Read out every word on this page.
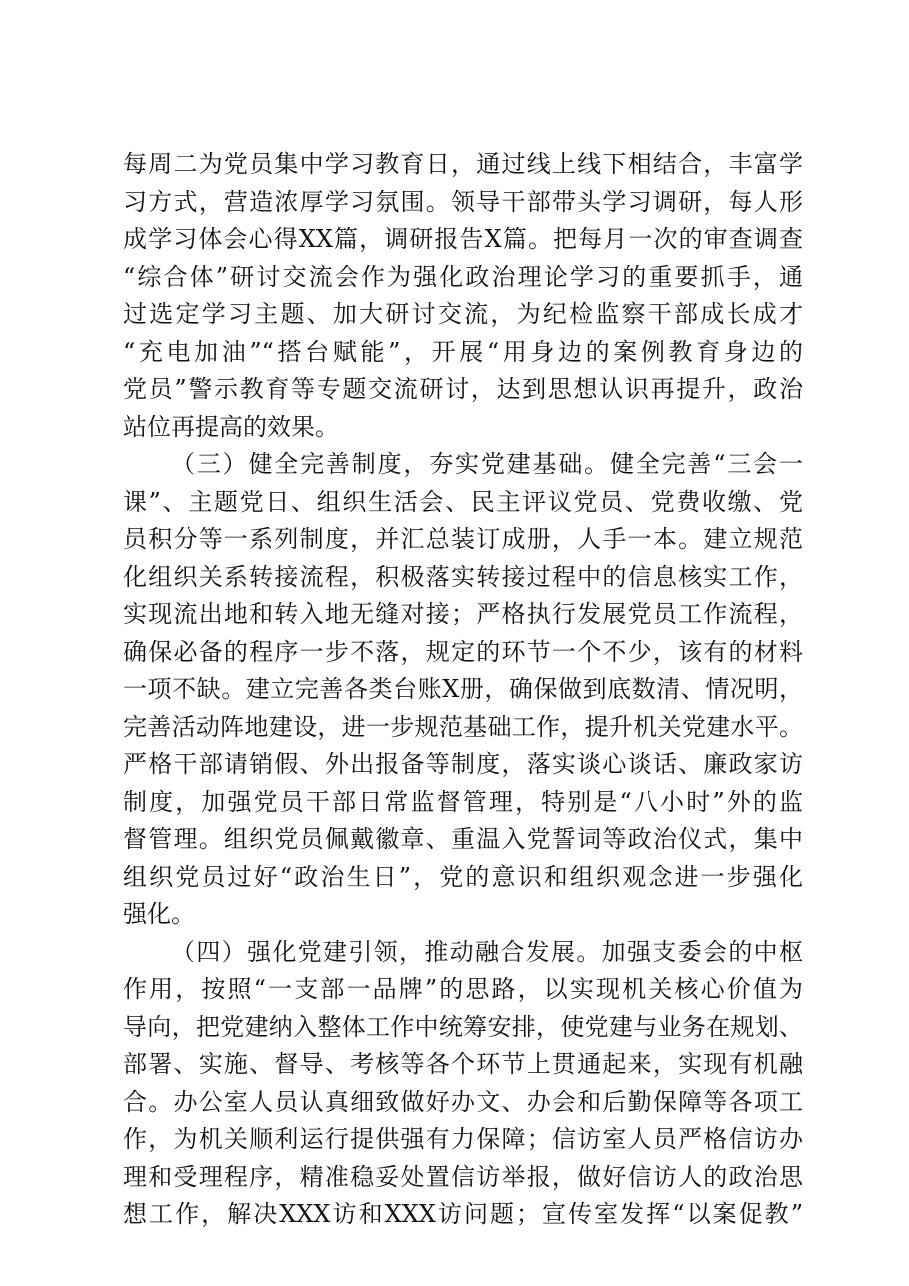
每周二为党员集中学习教育日，通过线上线下相结合，丰富学
习方式，营造浓厚学习氛围。领导干部带头学习调研，每人形
成学习体会心得XX篇，调研报告X篇。把每月一次的审查调查
“综合体”研讨交流会作为强化政治理论学习的重要抓手，通
过选定学习主题、加大研讨交流，为纪检监察干部成长成才
“充电加油”“搭台赋能”，开展“用身边的案例教育身边的
党员”警示教育等专题交流研讨，达到思想认识再提升，政治
站位再提高的效果。
（三）健全完善制度，夯实党建基础。健全完善“三会一
课”、主题党日、组织生活会、民主评议党员、党费收缴、党
员积分等一系列制度，并汇总装订成册，人手一本。建立规范
化组织关系转接流程，积极落实转接过程中的信息核实工作，
实现流出地和转入地无缝对接；严格执行发展党员工作流程，
确保必备的程序一步不落，规定的环节一个不少，该有的材料
一项不缺。建立完善各类台账X册，确保做到底数清、情况明，
完善活动阵地建设，进一步规范基础工作，提升机关党建水平。
严格干部请销假、外出报备等制度，落实谈心谈话、廉政家访
制度，加强党员干部日常监督管理，特别是“八小时”外的监
督管理。组织党员佩戴徽章、重温入党誓词等政治仪式，集中
组织党员过好“政治生日”，党的意识和组织观念进一步强化
强化。
（四）强化党建引领，推动融合发展。加强支委会的中枢
作用，按照“一支部一品牌”的思路，以实现机关核心价值为
导向，把党建纳入整体工作中统筹安排，使党建与业务在规划、
部署、实施、督导、考核等各个环节上贯通起来，实现有机融
合。办公室人员认真细致做好办文、办会和后勤保障等各项工
作，为机关顺利运行提供强有力保障；信访室人员严格信访办
理和受理程序，精准稳妥处置信访举报，做好信访人的政治思
想工作，解决XXX访和XXX访问题；宣传室发挥“以案促教”
